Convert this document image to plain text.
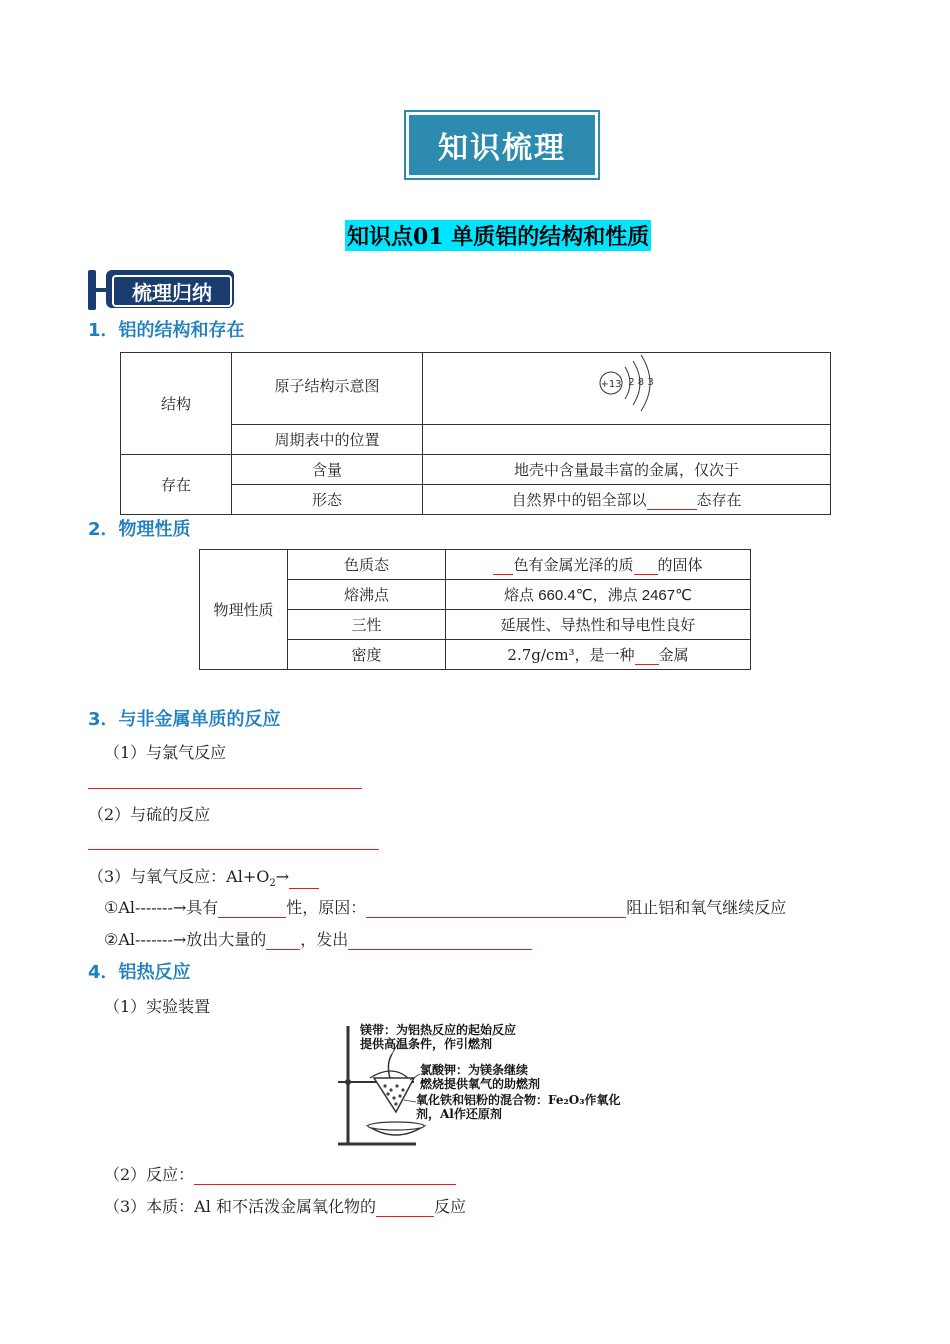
知识梳理
知识点01 单质铝的结构和性质
梳理归纳
1．铝的结构和存在
结构	原子结构示意图	+13 2 8 3

	周期表中的位置	
存在	含量	地壳中含量最丰富的金属，仅次于
	形态	自然界中的铝全部以 态存在
2．物理性质
物理性质	色质态	色有金属光泽的质 的固体
	熔沸点	熔点 660.4℃，沸点 2467℃
	三性	延展性、导热性和导电性良好
	密度	2.7g/cm³，是一种 金属
3．与非金属单质的反应
（1）与氯气反应
（2）与硫的反应
（3）与氧气反应：$Al+O_2\to$
①Al-------→具有	性，原因：	阻止铝和氧气继续反应
②Al-------→放出大量的 ，发出
4．铝热反应
（1）实验装置
镁带：为铝热反应的起始反应
提供高温条件，作引燃剂
氯酸钾：为镁条继续
燃烧提供氧气的助燃剂
氧化铁和铝粉的混合物：Fe₂O₃作氧化
剂，Al作还原剂
（2）反应：
（3）本质：Al 和不活泼金属氧化物的	反应
